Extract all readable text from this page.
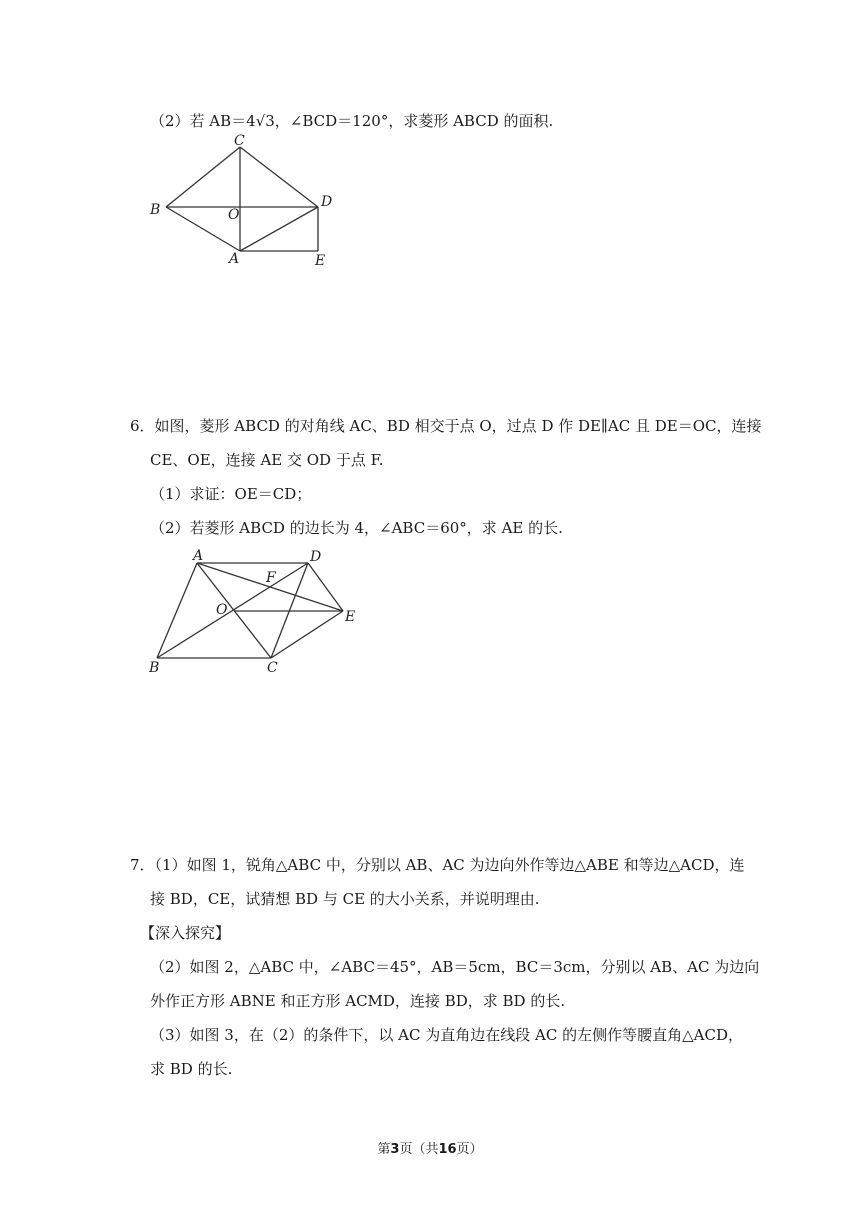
（2）若 AB＝4√3，∠BCD＝120°，求菱形 ABCD 的面积.
C
B	O
D
A	E
6．如图，菱形 ABCD 的对角线 AC、BD 相交于点 O，过点 D 作 DE∥AC 且 DE＝OC，连接
CE、OE，连接 AE 交 OD 于点 F.
（1）求证：OE＝CD；
（2）若菱形 ABCD 的边长为 4，∠ABC＝60°，求 AE 的长.
A	D
F
O	E
B	C
7．（1）如图 1，锐角△ABC 中，分别以 AB、AC 为边向外作等边△ABE 和等边△ACD，连
接 BD，CE，试猜想 BD 与 CE 的大小关系，并说明理由.
【深入探究】
（2）如图 2，△ABC 中，∠ABC＝45°，AB＝5cm，BC＝3cm，分别以 AB、AC 为边向
外作正方形 ABNE 和正方形 ACMD，连接 BD，求 BD 的长.
（3）如图 3，在（2）的条件下，以 AC 为直角边在线段 AC 的左侧作等腰直角△ACD，
求 BD 的长.
第3页（共16页）
